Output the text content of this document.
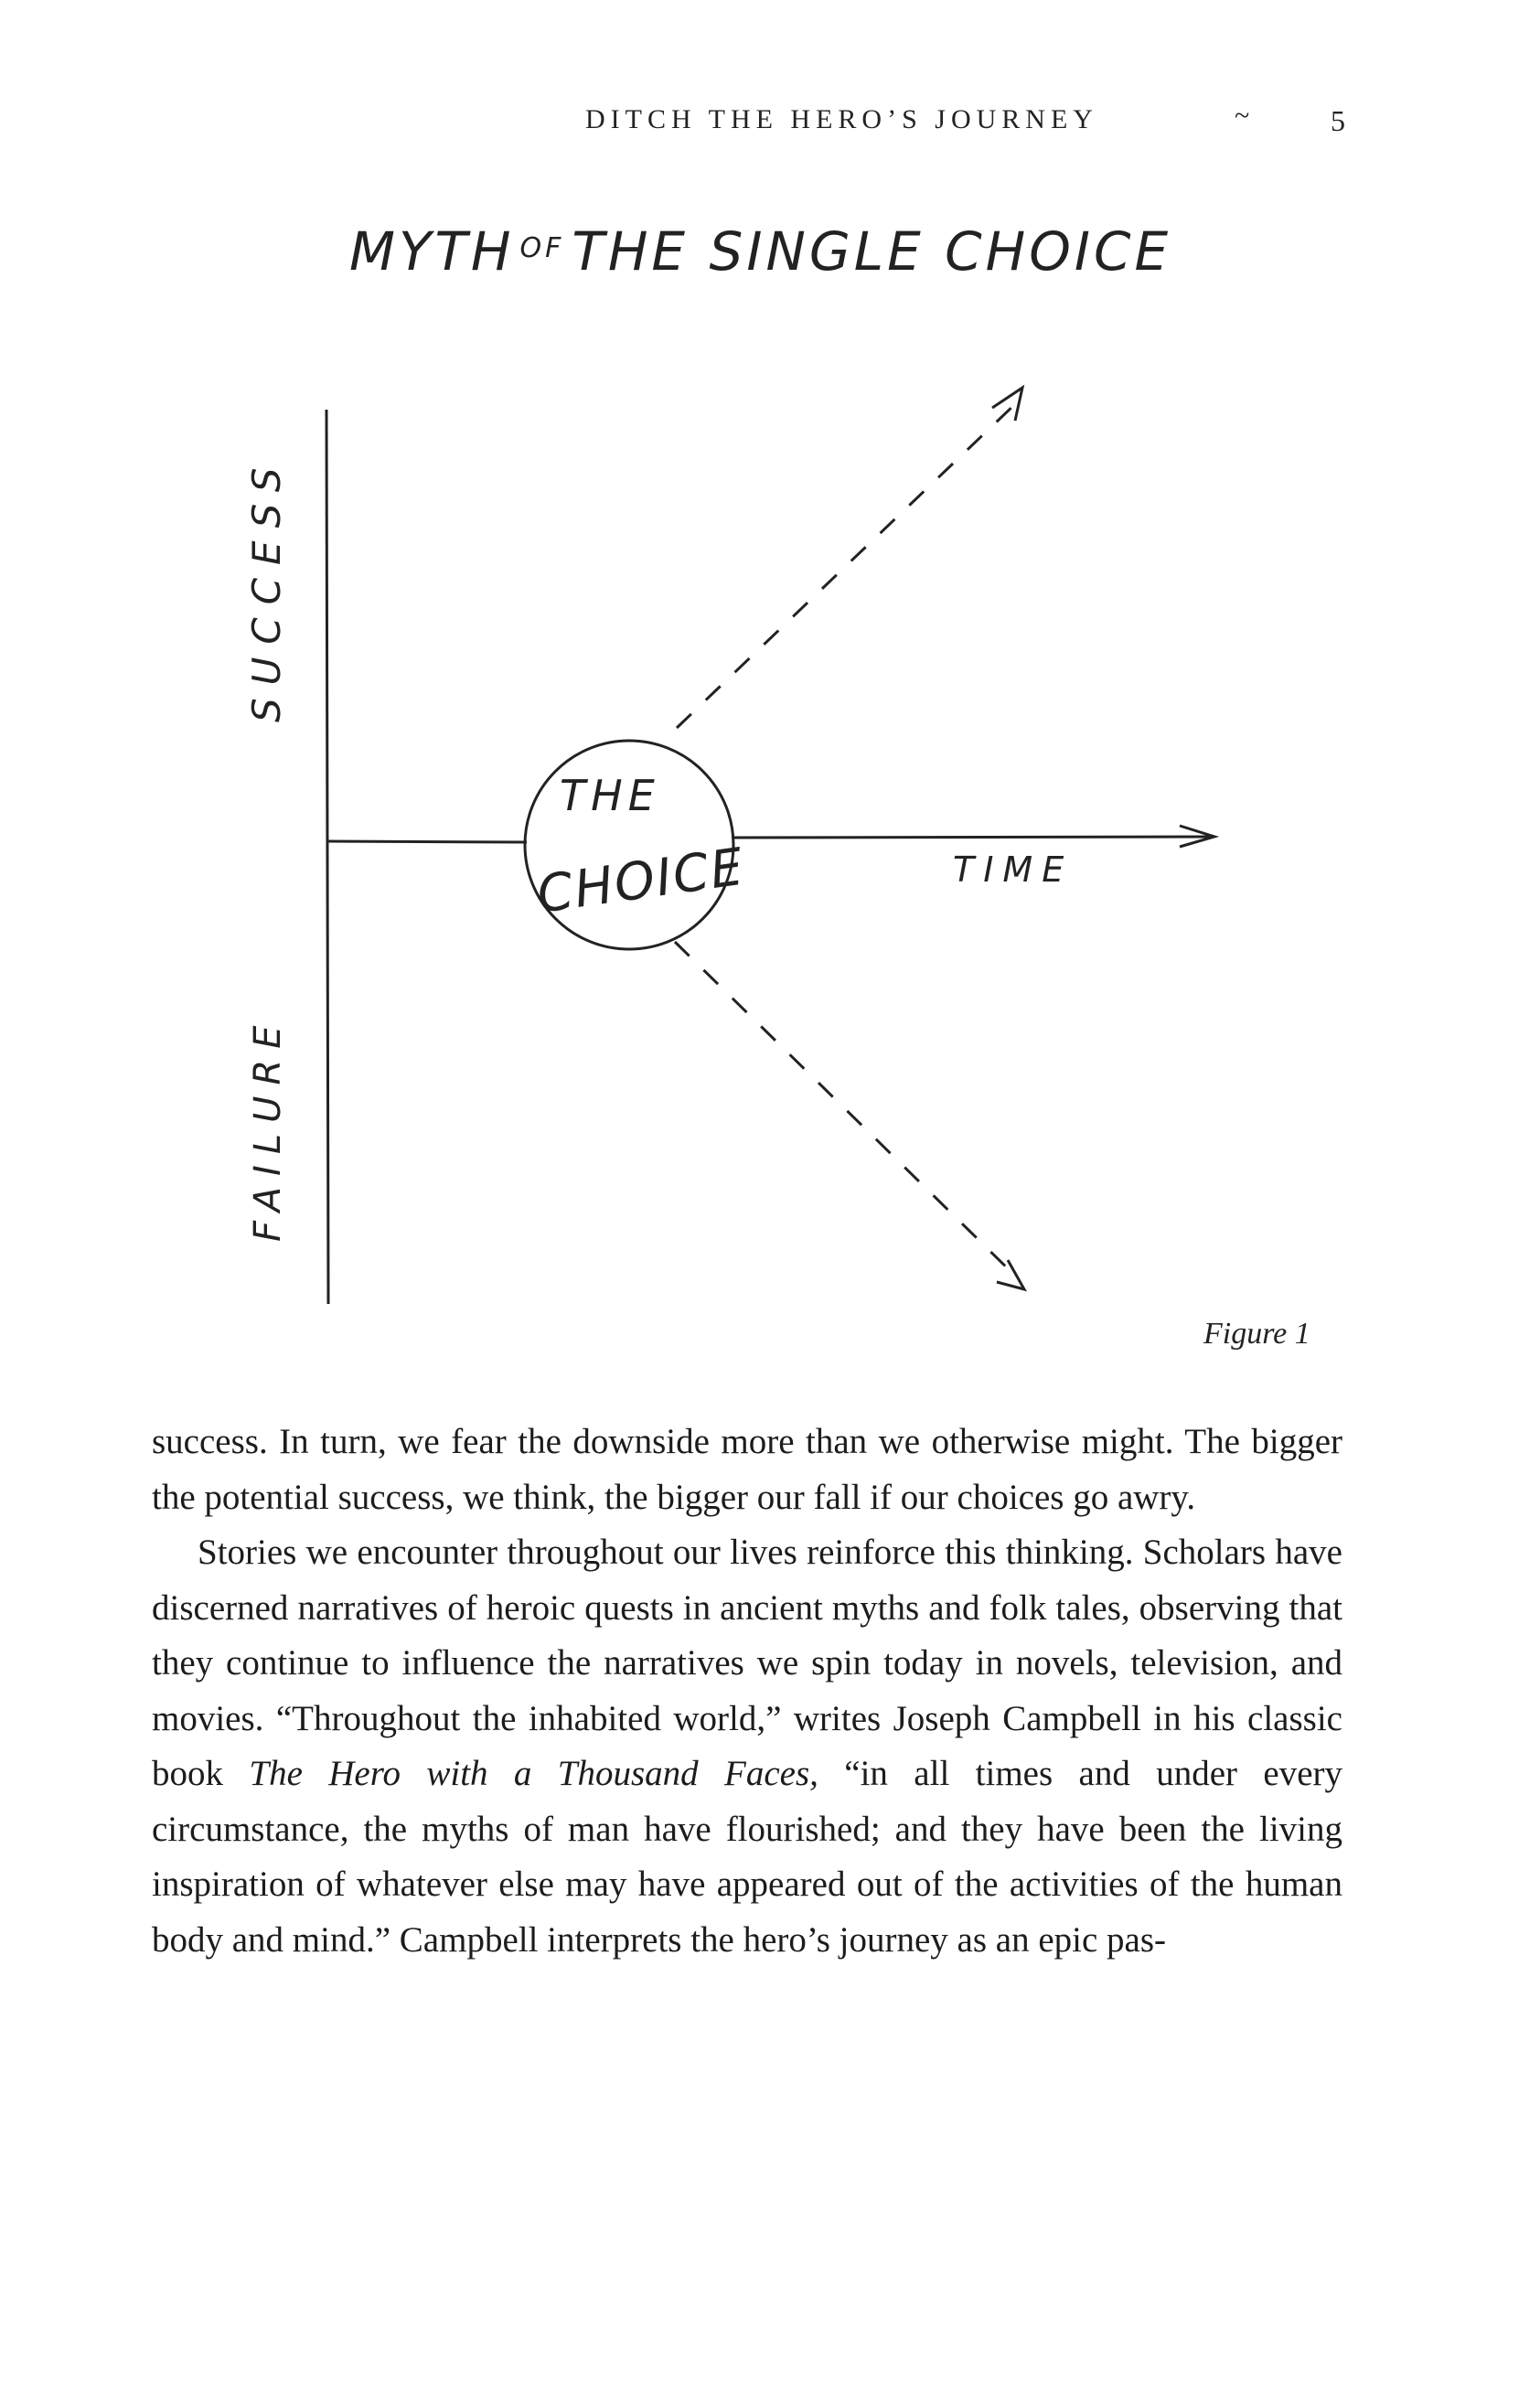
DITCH THE HERO’S JOURNEY	~	5
MYTH $^{OF}$ THE SINGLE CHOICE
THE
CHOICE
SUCCESS
FAILURE
TIME
Figure 1

success. In turn, we fear the downside more than we otherwise might. The bigger the potential success, we think, the bigger our fall if our choices go awry.

Stories we encounter throughout our lives reinforce this thinking. Scholars have discerned narratives of heroic quests in ancient myths and folk tales, observing that they continue to influence the narratives we spin today in novels, television, and movies. “Throughout the inhabited world,” writes Joseph Campbell in his classic book The Hero with a Thousand Faces, “in all times and under every circumstance, the myths of man have flourished; and they have been the living inspiration of whatever else may have appeared out of the activities of the human body and mind.” Campbell interprets the hero’s journey as an epic pas-
